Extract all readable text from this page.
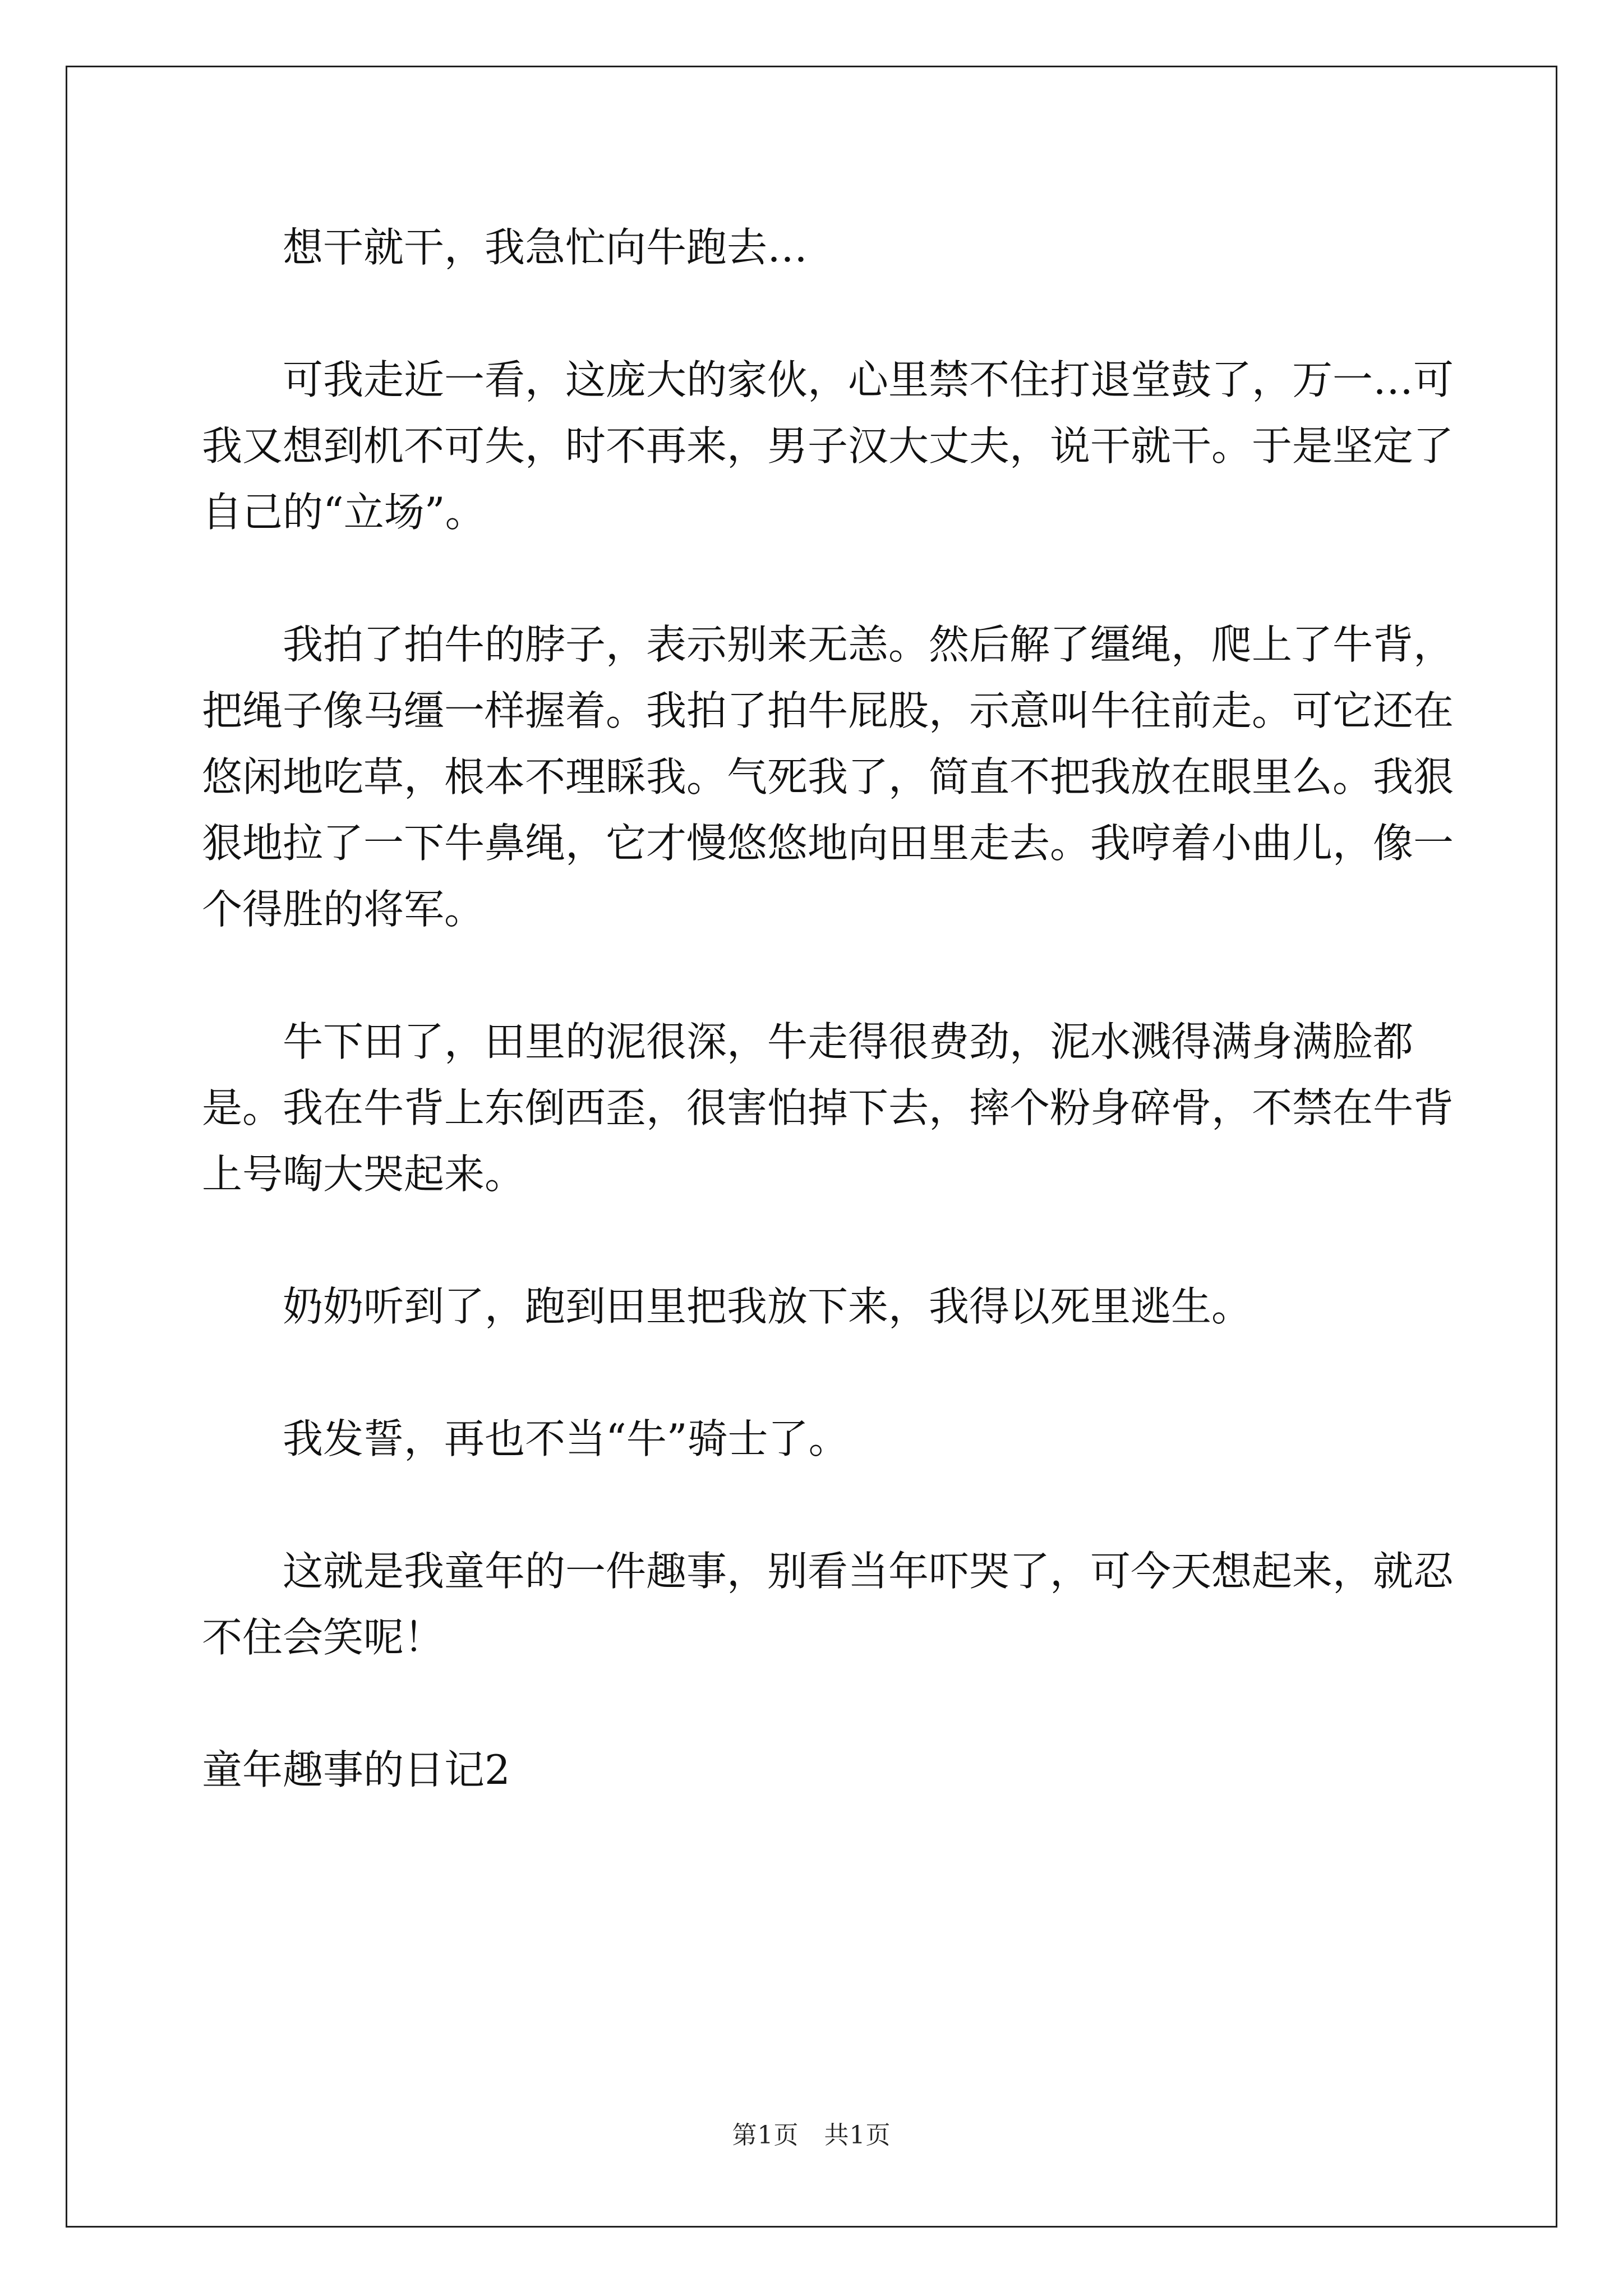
想干就干，我急忙向牛跑去…

可我走近一看，这庞大的家伙，心里禁不住打退堂鼓了，万一…可我又想到机不可失，时不再来，男子汉大丈夫，说干就干。于是坚定了自己的“立场”。

我拍了拍牛的脖子，表示别来无恙。然后解了缰绳，爬上了牛背，把绳子像马缰一样握着。我拍了拍牛屁股，示意叫牛往前走。可它还在悠闲地吃草，根本不理睬我。气死我了，简直不把我放在眼里么。我狠狠地拉了一下牛鼻绳，它才慢悠悠地向田里走去。我哼着小曲儿，像一个得胜的将军。

牛下田了，田里的泥很深，牛走得很费劲，泥水溅得满身满脸都是。我在牛背上东倒西歪，很害怕掉下去，摔个粉身碎骨，不禁在牛背上号啕大哭起来。

奶奶听到了，跑到田里把我放下来，我得以死里逃生。

我发誓，再也不当“牛”骑士了。

这就是我童年的一件趣事，别看当年吓哭了，可今天想起来，就忍不住会笑呢！

童年趣事的日记2

第1页　共1页
